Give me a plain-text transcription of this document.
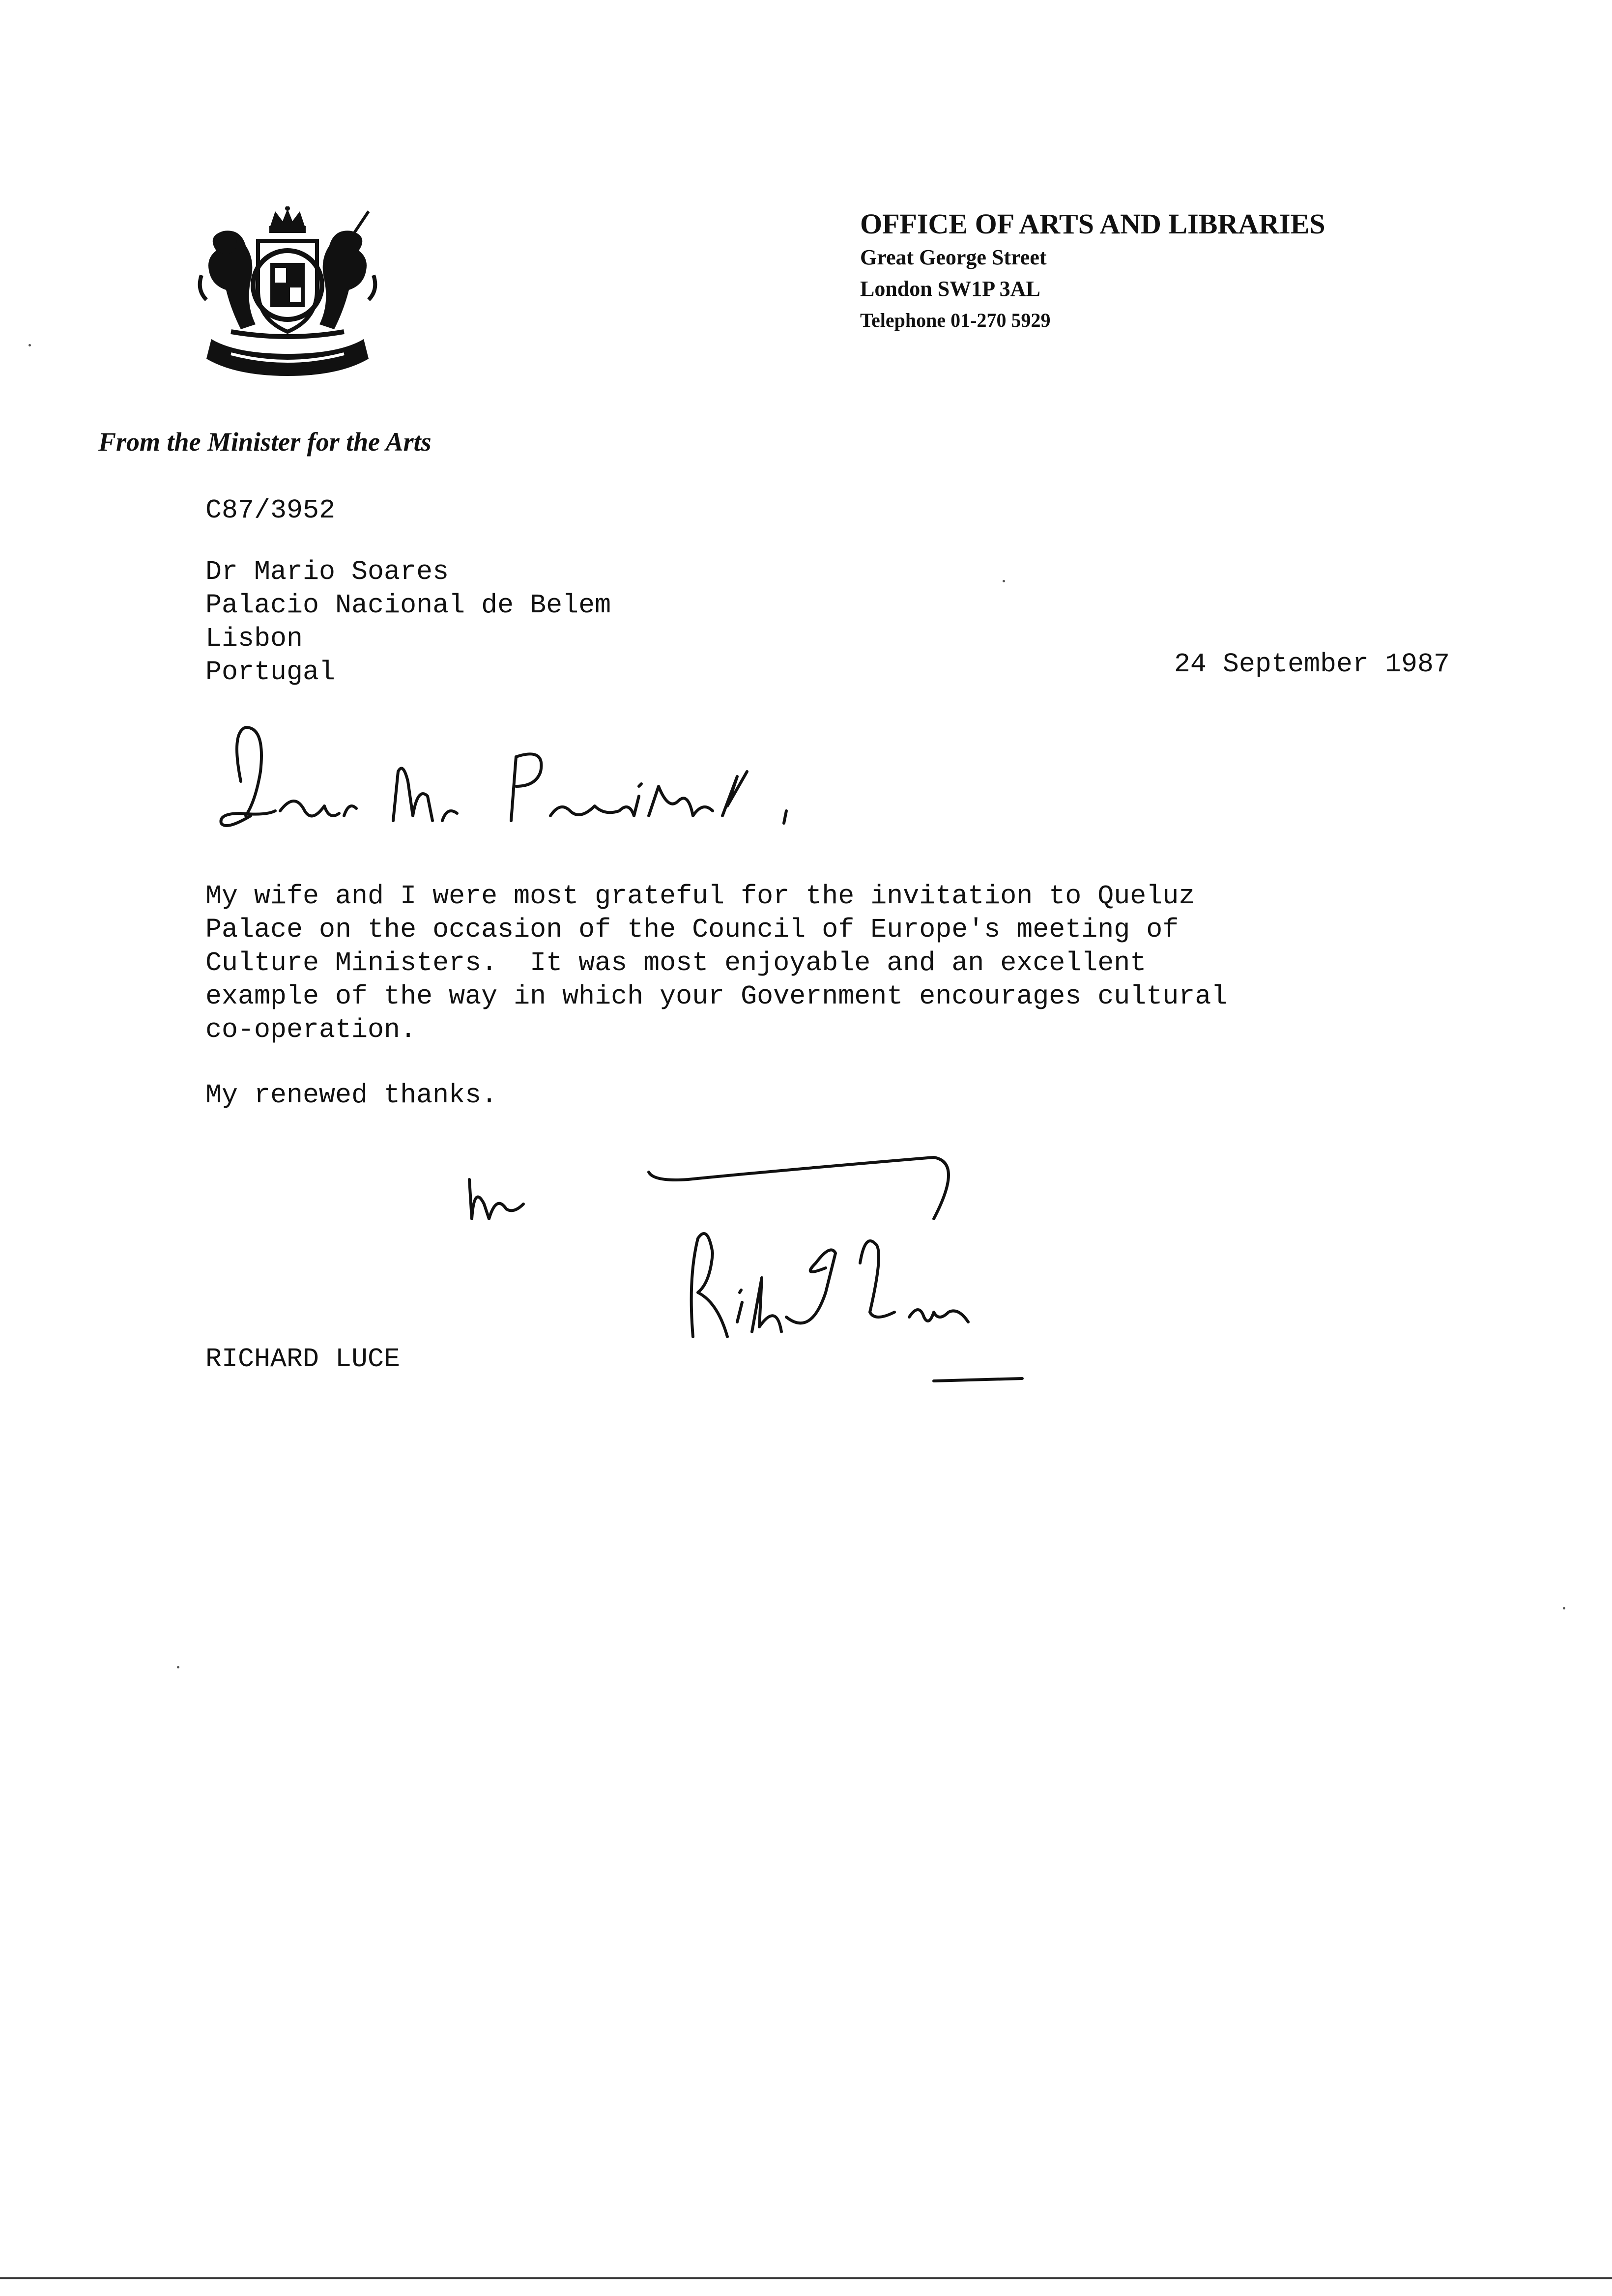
OFFICE OF ARTS AND LIBRARIES
Great George Street
London SW1P 3AL
Telephone 01-270 5929
From the Minister for the Arts
C87/3952
Dr Mario Soares
Palacio Nacional de Belem
Lisbon
Portugal	24 September 1987
My wife and I were most grateful for the invitation to Queluz
Palace on the occasion of the Council of Europe's meeting of
Culture Ministers.  It was most enjoyable and an excellent
example of the way in which your Government encourages cultural
co-operation.
My renewed thanks.
RICHARD LUCE
